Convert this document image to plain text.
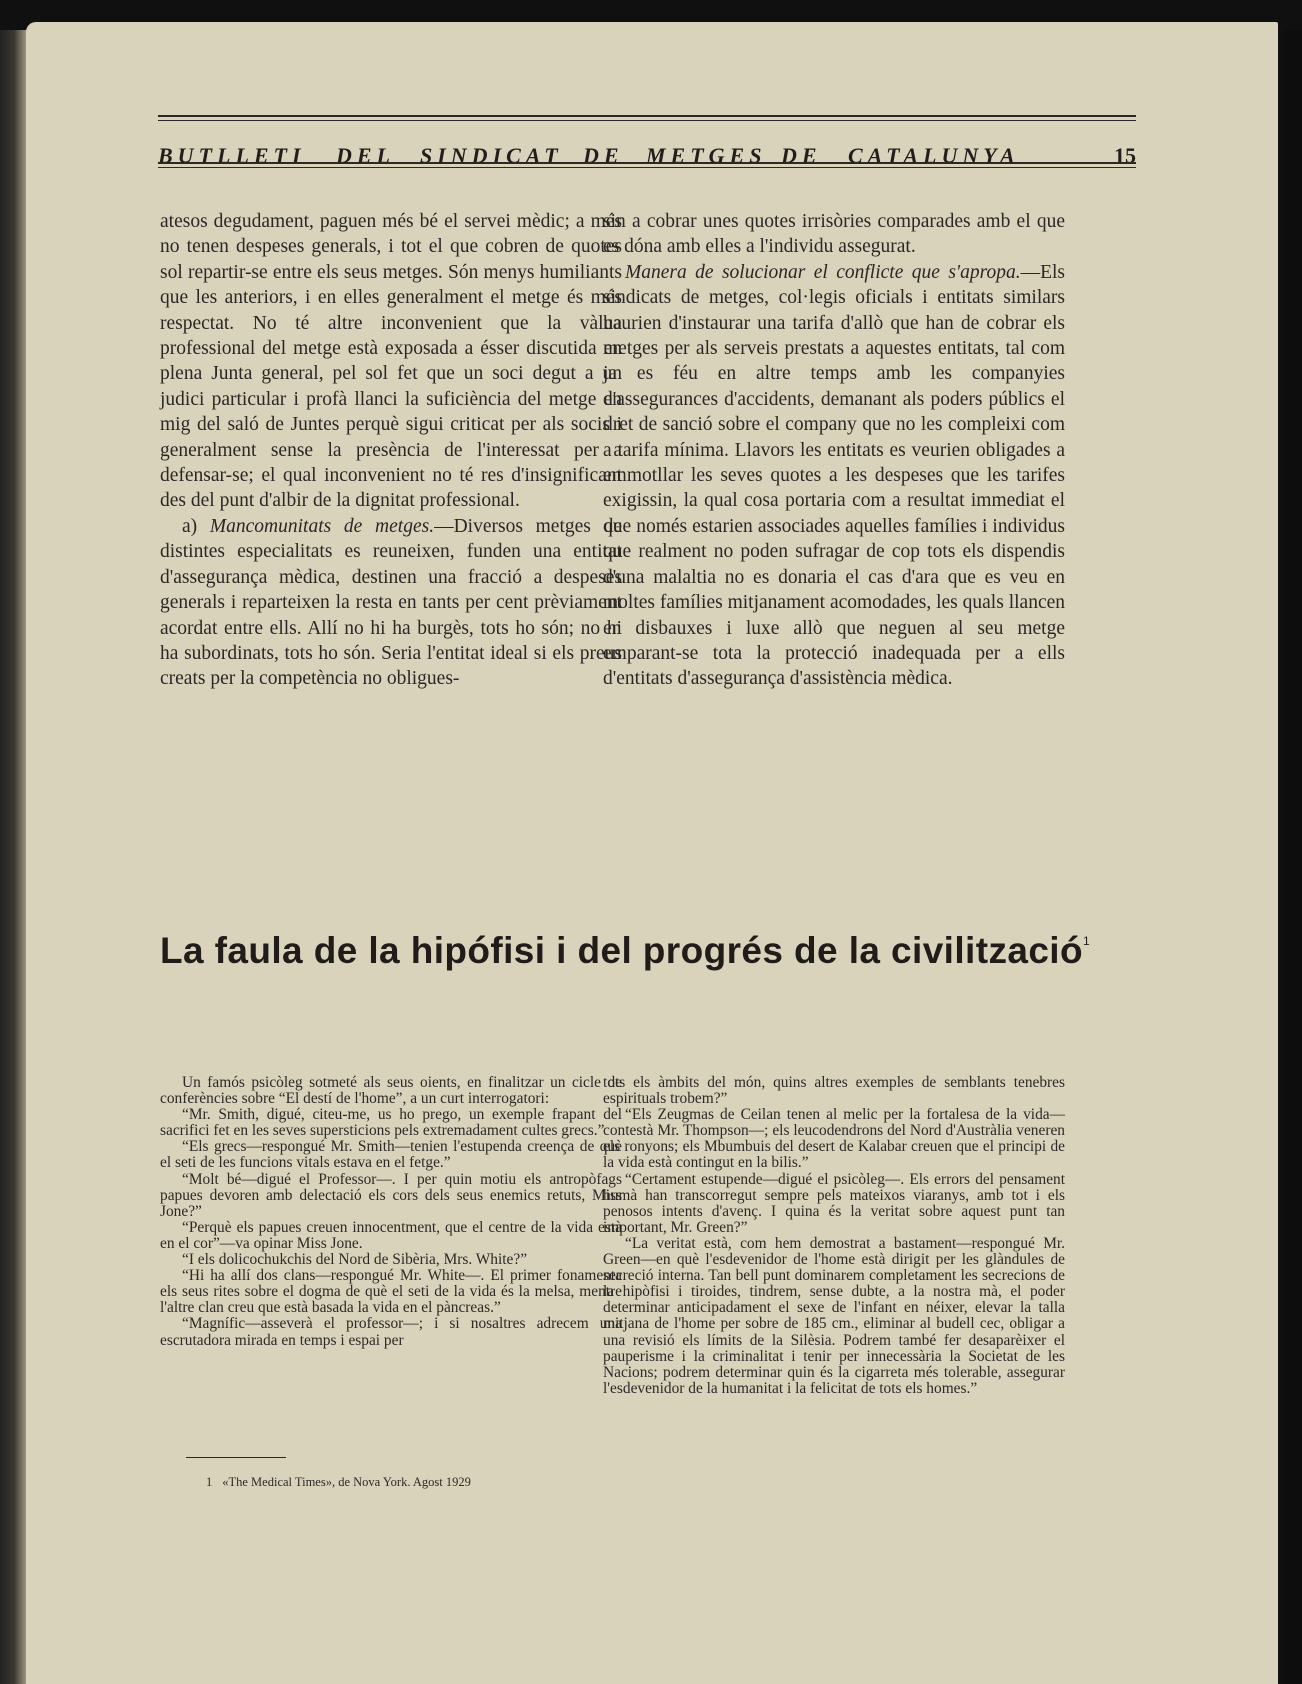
BUTLLETI DEL SINDICAT DE METGES DE CATALUNYA	15

atesos degudament, paguen més bé el servei mèdic; a més no tenen despeses generals, i tot el que cobren de quotes sol repartir-se entre els seus metges. Són menys humiliants que les anteriors, i en elles generalment el metge és més respectat. No té altre inconvenient que la vàlua professional del metge està exposada a ésser discutida en plena Junta general, pel sol fet que un soci degut a un judici particular i profà llanci la suficiència del metge en mig del saló de Juntes perquè sigui criticat per als socis i generalment sense la presència de l'interessat per a defensar-se; el qual inconvenient no té res d'insignificant des del punt d'albir de la dignitat professional.

a) Mancomunitats de metges.—Diversos metges de distintes especialitats es reuneixen, funden una entitat d'assegurança mèdica, destinen una fracció a despeses generals i reparteixen la resta en tants per cent prèviament acordat entre ells. Allí no hi ha burgès, tots ho són; no hi ha subordinats, tots ho són. Seria l'entitat ideal si els preus creats per la competència no obligues-

sin a cobrar unes quotes irrisòries comparades amb el que es dóna amb elles a l'individu assegurat.

Manera de solucionar el conflicte que s'apropa.—Els sindicats de metges, col·legis oficials i entitats similars haurien d'instaurar una tarifa d'allò que han de cobrar els metges per als serveis prestats a aquestes entitats, tal com ja es féu en altre temps amb les companyies d'assegurances d'accidents, demanant als poders públics el dret de sanció sobre el company que no les compleixi com a tarifa mínima. Llavors les entitats es veurien obligades a emmotllar les seves quotes a les despeses que les tarifes exigissin, la qual cosa portaria com a resultat immediat el que només estarien associades aquelles famílies i individus que realment no poden sufragar de cop tots els dispendis d'una malaltia no es donaria el cas d'ara que es veu en moltes famílies mitjanament acomodades, les quals llancen en disbauxes i luxe allò que neguen al seu metge emparant-se tota la protecció inadequada per a ells d'entitats d'assegurança d'assistència mèdica.

La faula de la hipófisi i del progrés de la civilització$^1$

Un famós psicòleg sotmeté als seus oients, en finalitzar un cicle de conferències sobre “El destí de l'home”, a un curt interrogatori:

“Mr. Smith, digué, citeu-me, us ho prego, un exemple frapant del sacrifici fet en les seves supersticions pels extremadament cultes grecs.”

“Els grecs—respongué Mr. Smith—tenien l'estupenda creença de què el seti de les funcions vitals estava en el fetge.”

“Molt bé—digué el Professor—. I per quin motiu els antropòfags papues devoren amb delectació els cors dels seus enemics retuts, Miss Jone?”

“Perquè els papues creuen innocentment, que el centre de la vida està en el cor”—va opinar Miss Jone.

“I els dolicochukchis del Nord de Sibèria, Mrs. White?”

“Hi ha allí dos clans—respongué Mr. White—. El primer fonamenta els seus rites sobre el dogma de què el seti de la vida és la melsa, mentre l'altre clan creu que està basada la vida en el pàncreas.”

“Magnífic—asseverà el professor—; i si nosaltres adrecem una escrutadora mirada en temps i espai per

tots els àmbits del món, quins altres exemples de semblants tenebres espirituals trobem?”

“Els Zeugmas de Ceilan tenen al melic per la fortalesa de la vida—contestà Mr. Thompson—; els leucodendrons del Nord d'Austràlia veneren els ronyons; els Mbumbuis del desert de Kalabar creuen que el principi de la vida està contingut en la bilis.”

“Certament estupende—digué el psicòleg—. Els errors del pensament humà han transcorregut sempre pels mateixos viaranys, amb tot i els penosos intents d'avenç. I quina és la veritat sobre aquest punt tan important, Mr. Green?”

“La veritat està, com hem demostrat a bastament—respongué Mr. Green—en què l'esdevenidor de l'home està dirigit per les glàndules de secreció interna. Tan bell punt dominarem completament les secrecions de la hipòfisi i tiroides, tindrem, sense dubte, a la nostra mà, el poder determinar anticipadament el sexe de l'infant en néixer, elevar la talla mitjana de l'home per sobre de 185 cm., eliminar al budell cec, obligar a una revisió els límits de la Silèsia. Podrem també fer desaparèixer el pauperisme i la criminalitat i tenir per innecessària la Societat de les Nacions; podrem determinar quin és la cigarreta més tolerable, assegurar l'esdevenidor de la humanitat i la felicitat de tots els homes.”

1 «The Medical Times», de Nova York. Agost 1929
